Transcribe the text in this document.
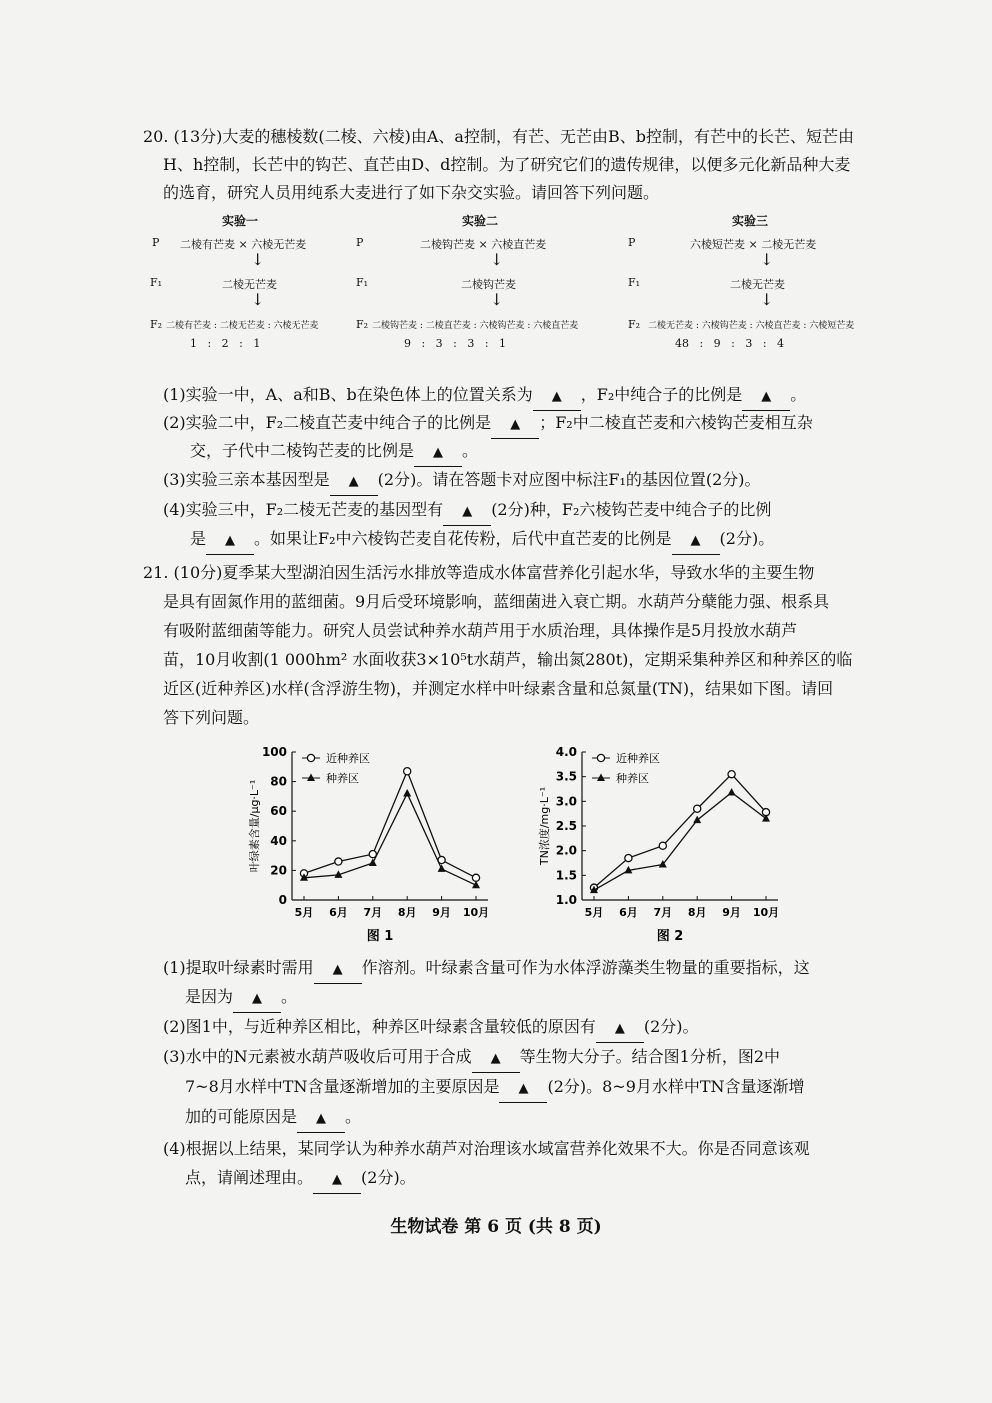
20. (13分)大麦的穗棱数(二棱、六棱)由A、a控制，有芒、无芒由B、b控制，有芒中的长芒、短芒由
H、h控制，长芒中的钩芒、直芒由D、d控制。为了研究它们的遗传规律，以便多元化新品种大麦
的选育，研究人员用纯系大麦进行了如下杂交实验。请回答下列问题。
实验一
P 二棱有芒麦 × 六棱无芒麦
↓
F₁	二棱无芒麦
↓
F₂ 二棱有芒麦 : 二棱无芒麦 : 六棱无芒麦
1   :   2   :   1
实验二
P	二棱钩芒麦 × 六棱直芒麦
↓
F₁	二棱钩芒麦
↓
F₂ 二棱钩芒麦 : 二棱直芒麦 : 六棱钩芒麦 : 六棱直芒麦
9   :   3   :   3   :   1
实验三
P	六棱短芒麦 × 二棱无芒麦
↓
F₁	二棱无芒麦
↓
F₂ 二棱无芒麦 : 六棱钩芒麦 : 六棱直芒麦 : 六棱短芒麦
48   :   9   :   3   :   4
(1)实验一中，A、a和B、b在染色体上的位置关系为 ▲ ，F₂中纯合子的比例是 ▲ 。
(2)实验二中，F₂二棱直芒麦中纯合子的比例是 ▲ ；F₂中二棱直芒麦和六棱钩芒麦相互杂
交，子代中二棱钩芒麦的比例是 ▲ 。
(3)实验三亲本基因型是 ▲ (2分)。请在答题卡对应图中标注F₁的基因位置(2分)。
(4)实验三中，F₂二棱无芒麦的基因型有 ▲ (2分)种，F₂六棱钩芒麦中纯合子的比例
是 ▲ 。如果让F₂中六棱钩芒麦自花传粉，后代中直芒麦的比例是 ▲ (2分)。
21. (10分)夏季某大型湖泊因生活污水排放等造成水体富营养化引起水华，导致水华的主要生物
是具有固氮作用的蓝细菌。9月后受环境影响，蓝细菌进入衰亡期。水葫芦分蘖能力强、根系具
有吸附蓝细菌等能力。研究人员尝试种养水葫芦用于水质治理，具体操作是5月投放水葫芦
苗，10月收割(1 000hm² 水面收获3×10⁵t水葫芦，输出氮280t)，定期采集种养区和种养区的临
近区(近种养区)水样(含浮游生物)，并测定水样中叶绿素含量和总氮量(TN)，结果如下图。请回
答下列问题。
0
20
40
60
80
100
5月 6月 7月 8月 9月 10月
叶绿素含量/μg·L⁻¹
图 1
近种养区
种养区
1.0
1.5
2.0
2.5
3.0
3.5
4.0
5月 6月 7月 8月 9月 10月
TN浓度/mg·L⁻¹
图 2
近种养区
种养区
(1)提取叶绿素时需用 ▲ 作溶剂。叶绿素含量可作为水体浮游藻类生物量的重要指标，这
是因为 ▲ 。
(2)图1中，与近种养区相比，种养区叶绿素含量较低的原因有 ▲ (2分)。
(3)水中的N元素被水葫芦吸收后可用于合成 ▲ 等生物大分子。结合图1分析，图2中
7~8月水样中TN含量逐渐增加的主要原因是 ▲ (2分)。8~9月水样中TN含量逐渐增
加的可能原因是 ▲ 。
(4)根据以上结果，某同学认为种养水葫芦对治理该水域富营养化效果不大。你是否同意该观
点，请阐述理由。 ▲ (2分)。
生物试卷 第 6 页 (共 8 页)
